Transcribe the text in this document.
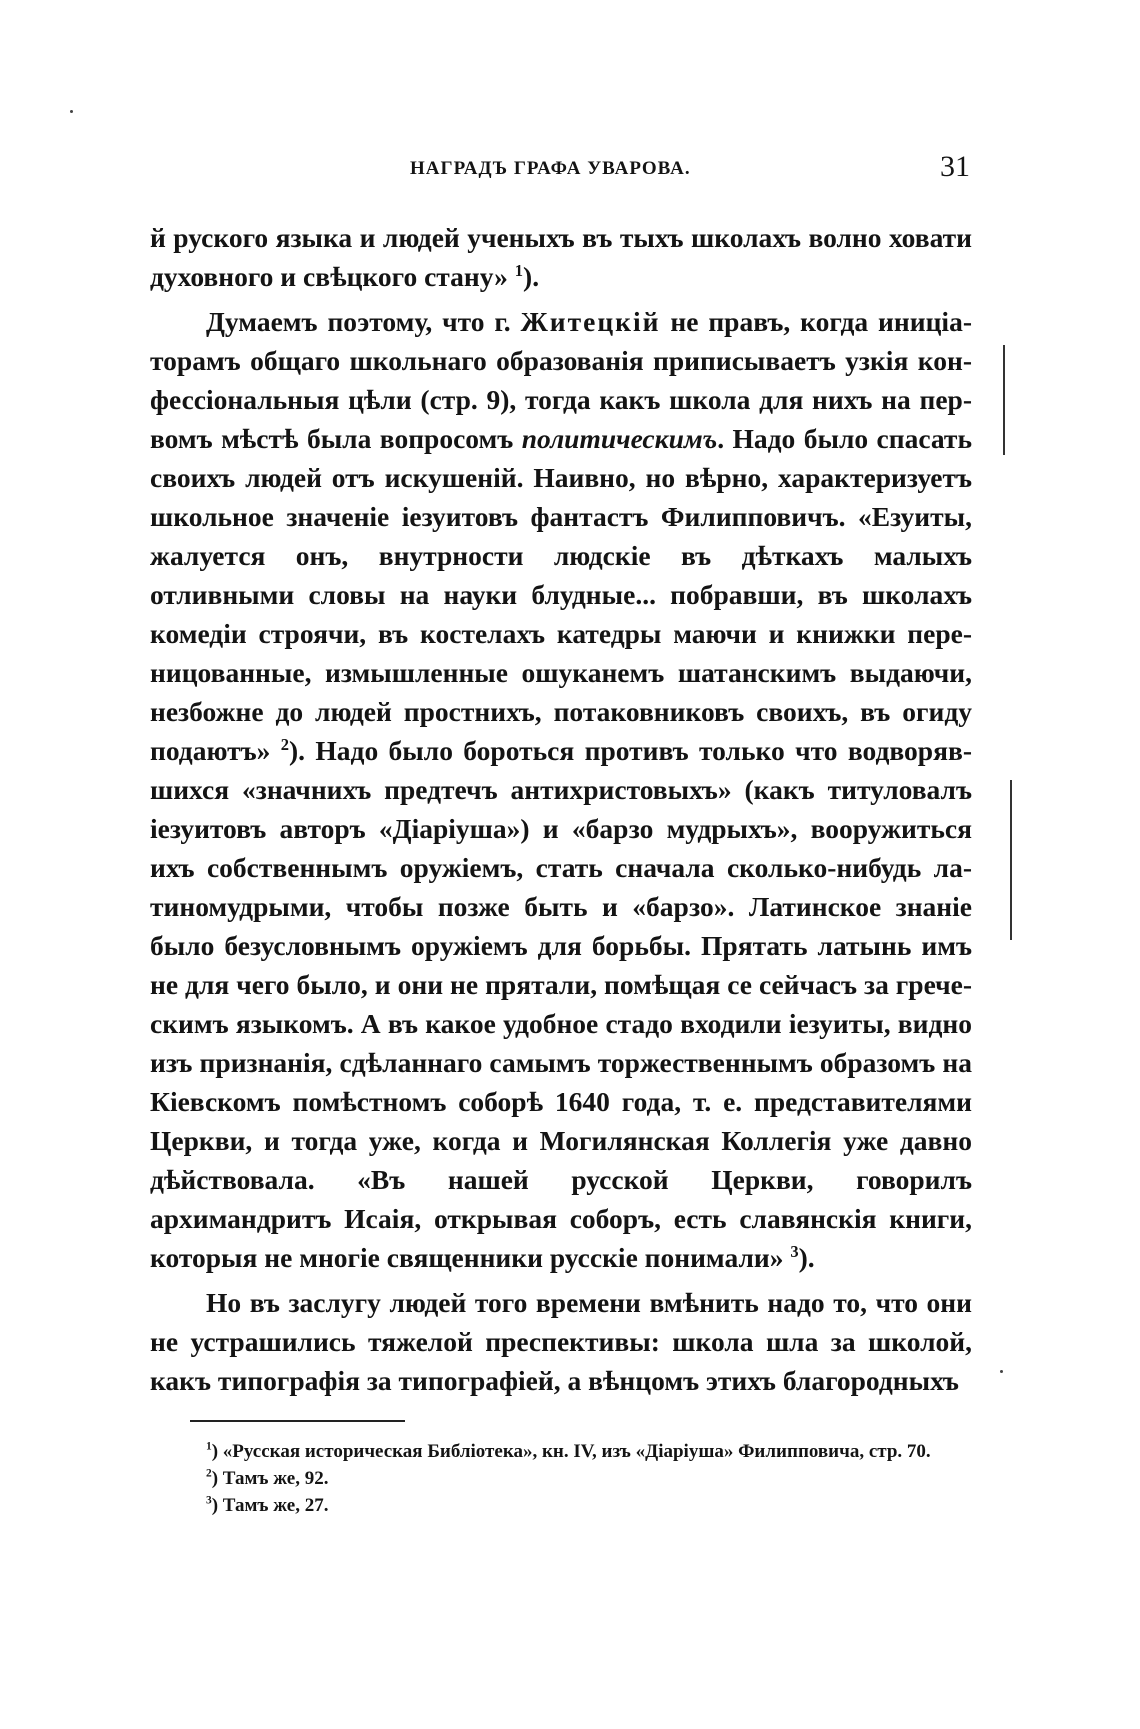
НАГРАДЪ ГРАФА УВАРОВА.	31

й руского языка и людей ученыхъ въ тыхъ школахъ волно ховати духовного и свѣцкого стану» $^1$).

Думаемъ поэтому, что г. Житецкій не правъ, когда иниціаторамъ общаго школьнаго образованія приписываетъ узкія конфессіональныя цѣли (стр. 9), тогда какъ школа для нихъ на первомъ мѣстѣ была вопросомъ политическимъ. Надо было спасать своихъ людей отъ искушеній. Наивно, но вѣрно, характеризуетъ школьное значеніе іезуитовъ фантастъ Филипповичъ. «Езуиты, жалуется онъ, внутрности людскіе въ дѣткахъ малыхъ отливными словы на науки блудные... побравши, въ школахъ комедіи строячи, въ костелахъ катедры маючи и книжки переницованные, измышленные ошуканемъ шатанскимъ выдаючи, незбожне до людей простнихъ, потаковниковъ своихъ, въ огиду подаютъ» $^2$). Надо было бороться противъ только что водворявшихся «значнихъ предтечъ антихристовыхъ» (какъ титуловалъ іезуитовъ авторъ «Діаріуша») и «барзо мудрыхъ», вооружиться ихъ собственнымъ оружіемъ, стать сначала сколько-нибудь латиномудрыми, чтобы позже быть и «барзо». Латинское знаніе было безусловнымъ оружіемъ для борьбы. Прятать латынь имъ не для чего было, и они не прятали, помѣщая се сейчасъ за греческимъ языкомъ. А въ какое удобное стадо входили іезуиты, видно изъ признанія, сдѣланнаго самымъ торжественнымъ образомъ на Кіевскомъ помѣстномъ соборѣ 1640 года, т. е. представителями Церкви, и тогда уже, когда и Могилянская Коллегія уже давно дѣйствовала. «Въ нашей русской Церкви, говорилъ архимандритъ Исаія, открывая соборъ, есть славянскія книги, которыя не многіе священники русскіе понимали» $^3$).

Но въ заслугу людей того времени вмѣнить надо то, что они не устрашились тяжелой преспективы: школа шла за школой, какъ типографія за типографіей, а вѣнцомъ этихъ благородныхъ

$^1$) «Русская историческая Библіотека», кн. IV, изъ «Діаріуша» Филипповича, стр. 70.

$^2$) Тамъ же, 92.

$^3$) Тамъ же, 27.
